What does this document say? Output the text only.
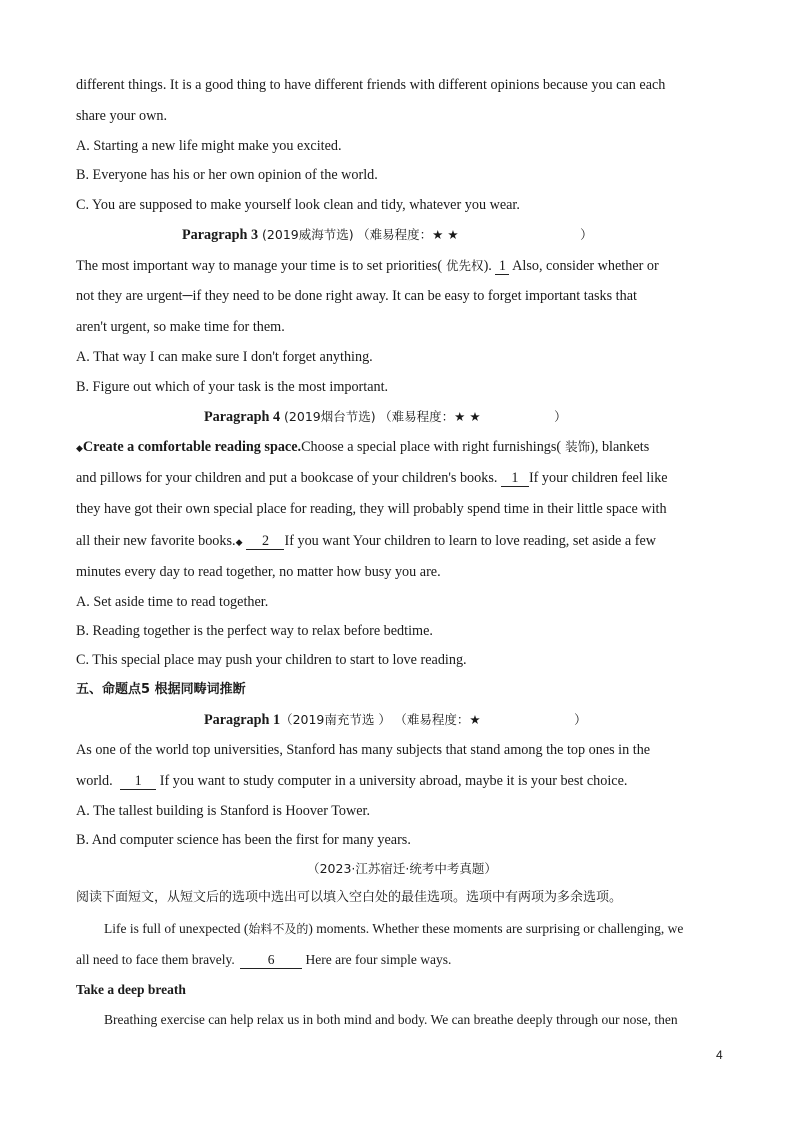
different things. It is a good thing to have different friends with different opinions because you can each
share your own.
A. Starting a new life might make you excited.
B. Everyone has his or her own opinion of the world.
C. You are supposed to make yourself look clean and tidy, whatever you wear.
Paragraph 3 (2019威海节选) （难易程度：★ ★	）
The most important way to manage your time is to set priorities( 优先权). 1 Also, consider whether or
not they are urgent─if they need to be done right away. It can be easy to forget important tasks that
aren't urgent, so make time for them.
A. That way I can make sure I don't forget anything.
B. Figure out which of your task is the most important.
Paragraph 4 (2019烟台节选) （难易程度：★ ★	）
◆Create a comfortable reading space.Choose a special place with right furnishings( 装饰), blankets
and pillows for your children and put a bookcase of your children's books. 1 If your children feel like
they have got their own special place for reading, they will probably spend time in their little space with
all their new favorite books.◆ 2 If you want Your children to learn to love reading, set aside a few
minutes every day to read together, no matter how busy you are.
A. Set aside time to read together.
B. Reading together is the perfect way to relax before bedtime.
C. This special place may push your children to start to love reading.
五、命题点5 根据同畴词推断
Paragraph 1（2019南充节选 ） （难易程度：★	）
As one of the world top universities, Stanford has many subjects that stand among the top ones in the
world. 1 If you want to study computer in a university abroad, maybe it is your best choice.
A. The tallest building is Stanford is Hoover Tower.
B. And computer science has been the first for many years.
（2023·江苏宿迁·统考中考真题）
阅读下面短文，从短文后的选项中选出可以填入空白处的最佳选项。选项中有两项为多余选项。
Life is full of unexpected (始料不及的) moments. Whether these moments are surprising or challenging, we
all need to face them bravely. 6 Here are four simple ways.
Take a deep breath
Breathing exercise can help relax us in both mind and body. We can breathe deeply through our nose, then
4
